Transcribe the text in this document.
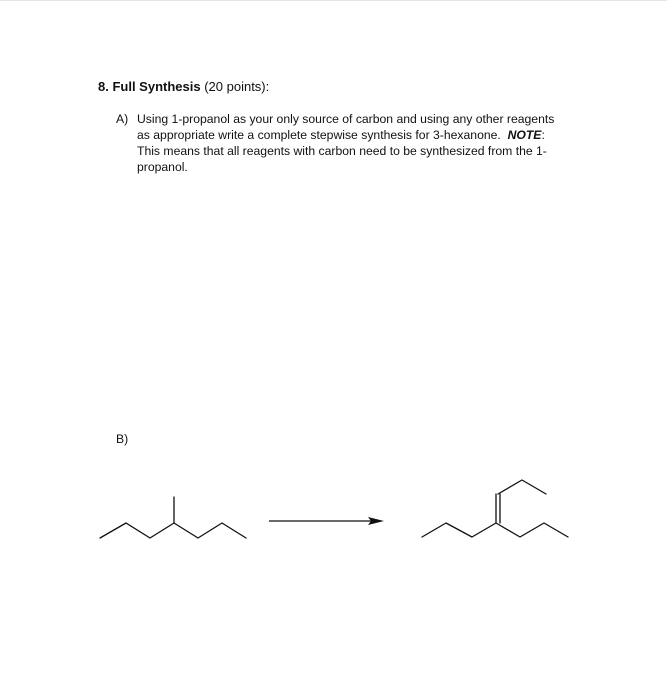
8. Full Synthesis (20 points):
A) Using 1-propanol as your only source of carbon and using any other reagents
as appropriate write a complete stepwise synthesis for 3-hexanone. NOTE:
This means that all reagents with carbon need to be synthesized from the 1-
propanol.
B)
